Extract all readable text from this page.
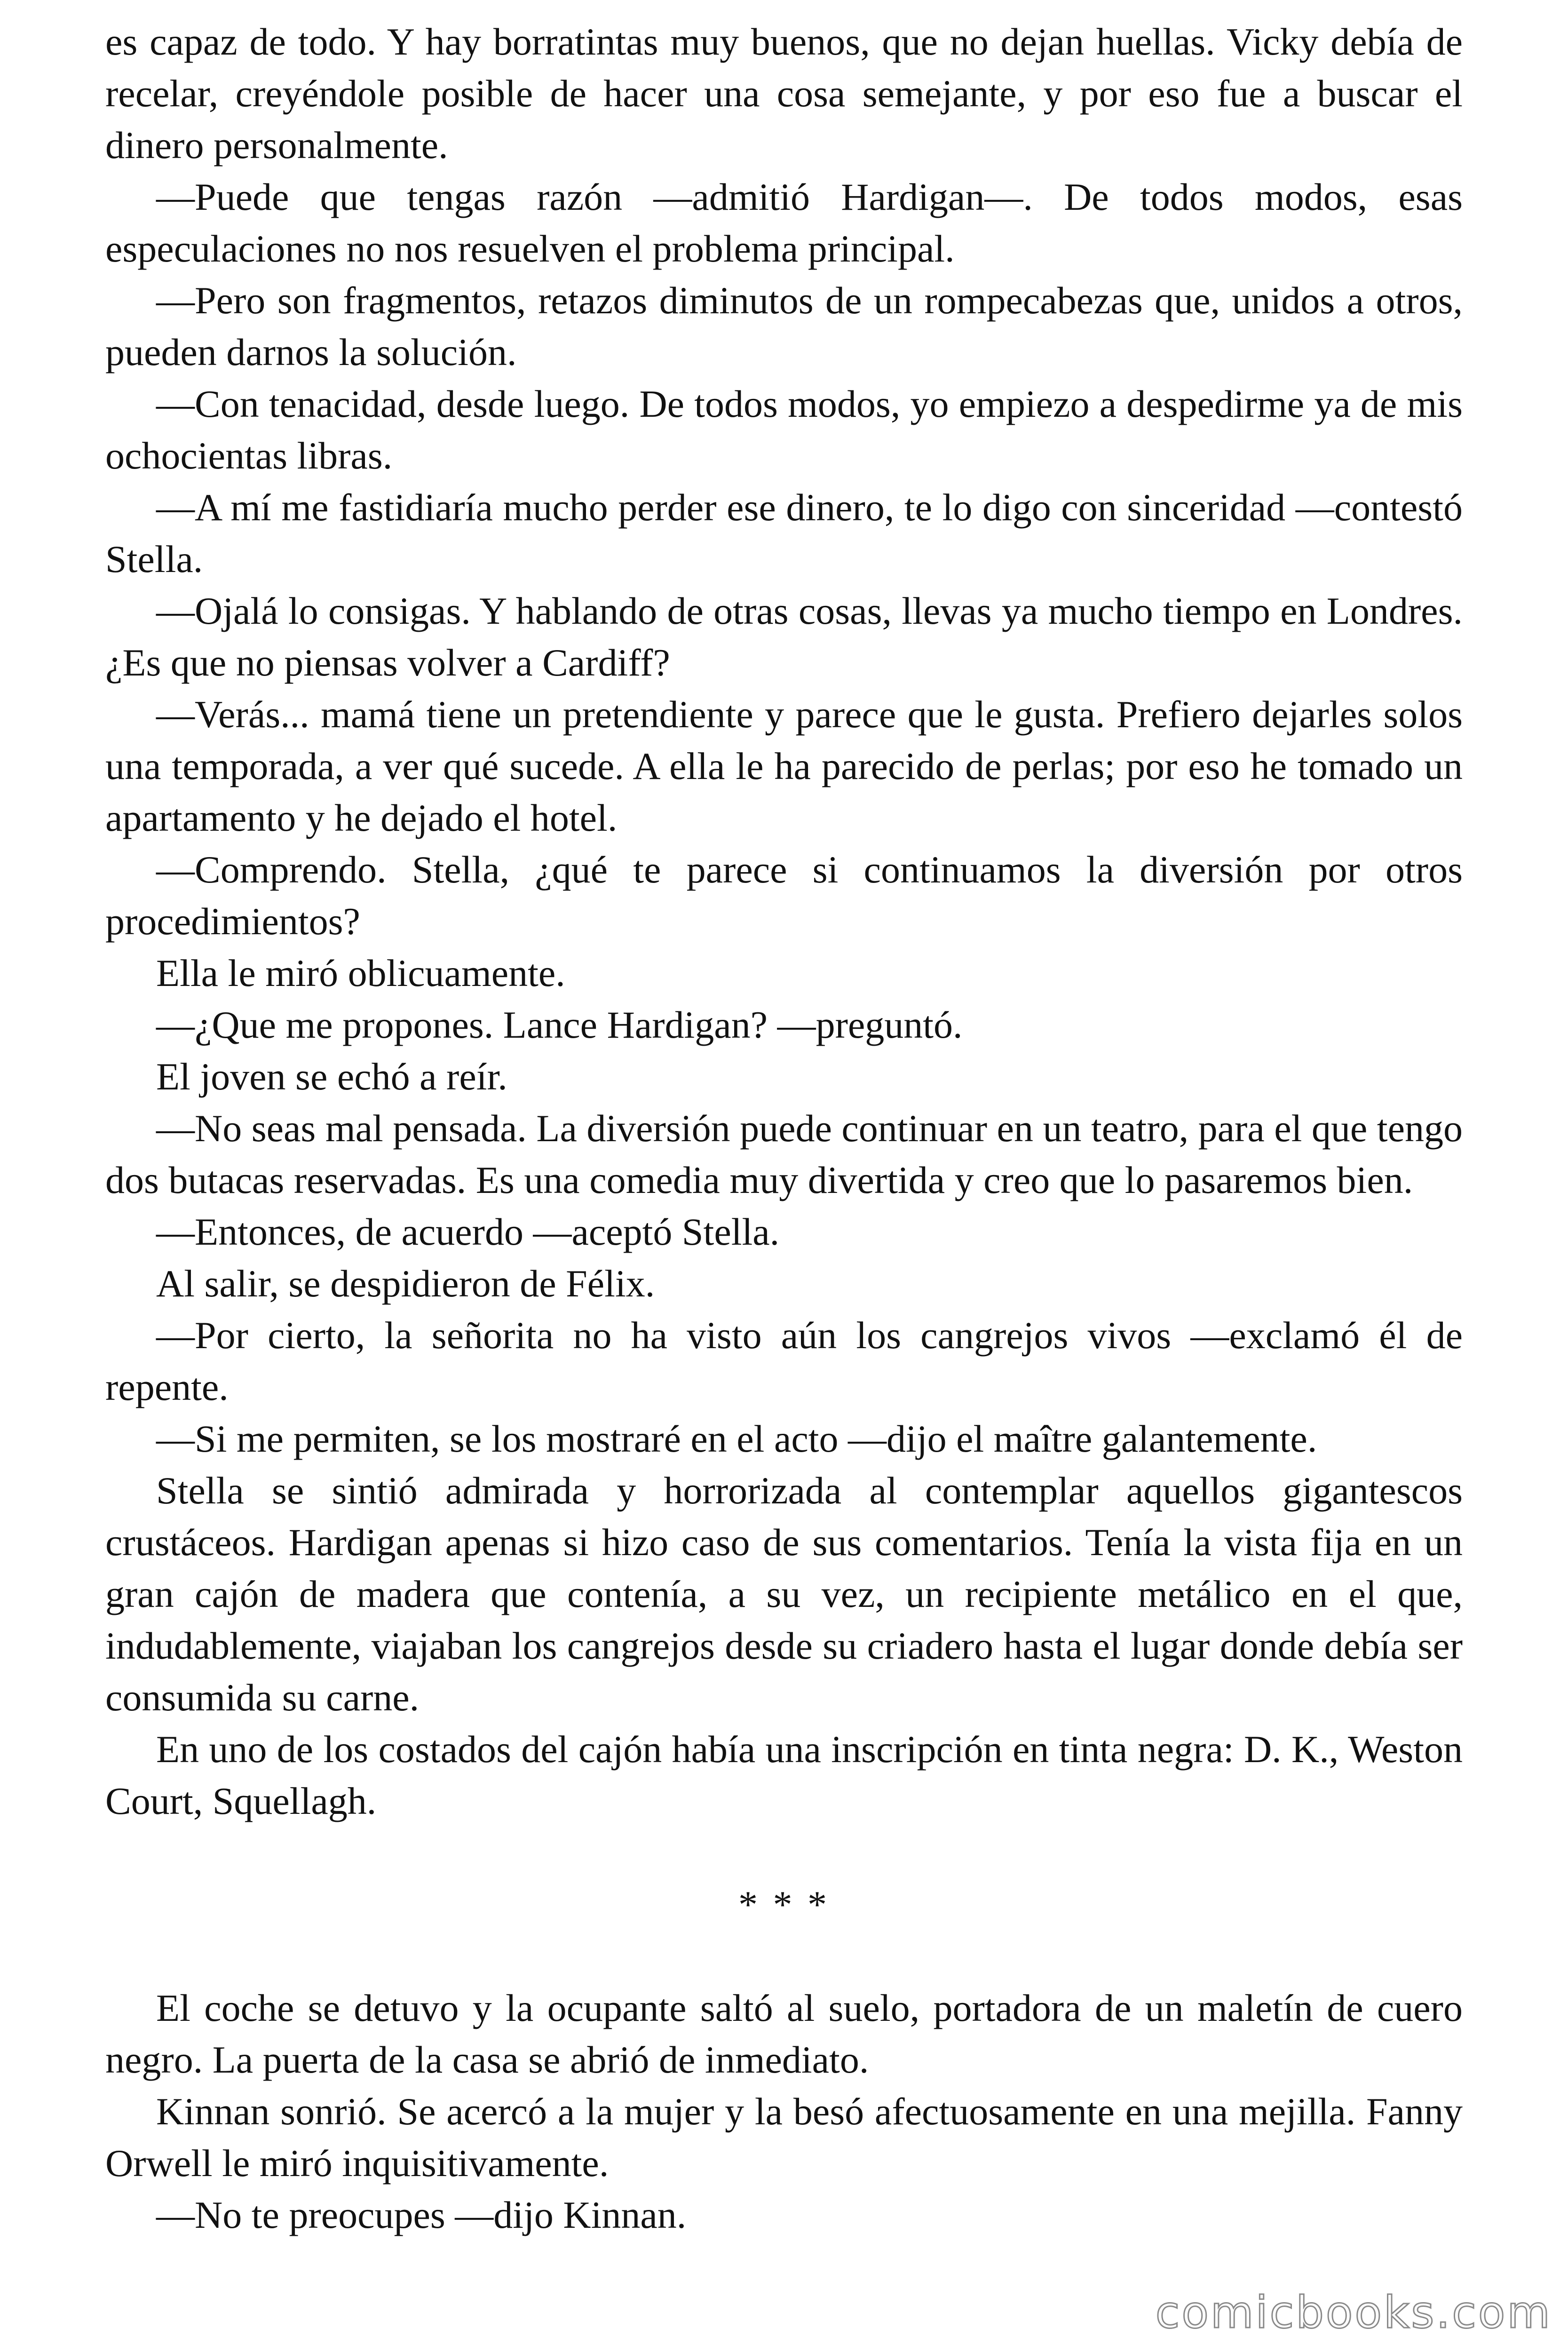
es capaz de todo. Y hay borratintas muy buenos, que no dejan huellas. Vicky debía de recelar, creyéndole posible de hacer una cosa semejante, y por eso fue a buscar el dinero personalmente.

—Puede que tengas razón —admitió Hardigan—. De todos modos, esas especulaciones no nos resuelven el problema principal.

—Pero son fragmentos, retazos diminutos de un rompecabezas que, unidos a otros, pueden darnos la solución.

—Con tenacidad, desde luego. De todos modos, yo empiezo a despedirme ya de mis ochocientas libras.

—A mí me fastidiaría mucho perder ese dinero, te lo digo con sinceridad —contestó Stella.

—Ojalá lo consigas. Y hablando de otras cosas, llevas ya mucho tiempo en Londres. ¿Es que no piensas volver a Cardiff?

—Verás... mamá tiene un pretendiente y parece que le gusta. Prefiero dejarles solos una temporada, a ver qué sucede. A ella le ha parecido de perlas; por eso he tomado un apartamento y he dejado el hotel.

—Comprendo. Stella, ¿qué te parece si continuamos la diversión por otros procedimientos?

Ella le miró oblicuamente.

—¿Que me propones. Lance Hardigan? —preguntó.

El joven se echó a reír.

—No seas mal pensada. La diversión puede continuar en un teatro, para el que tengo dos butacas reservadas. Es una comedia muy divertida y creo que lo pasaremos bien.

—Entonces, de acuerdo —aceptó Stella.

Al salir, se despidieron de Félix.

—Por cierto, la señorita no ha visto aún los cangrejos vivos —exclamó él de repente.

—Si me permiten, se los mostraré en el acto —dijo el maître galantemente.

Stella se sintió admirada y horrorizada al contemplar aquellos gigantescos crustáceos. Hardigan apenas si hizo caso de sus comentarios. Tenía la vista fija en un gran cajón de madera que contenía, a su vez, un recipiente metálico en el que, indudablemente, viajaban los cangrejos desde su criadero hasta el lugar donde debía ser consumida su carne.

En uno de los costados del cajón había una inscripción en tinta negra: D. K., Weston Court, Squellagh.

* * *

El coche se detuvo y la ocupante saltó al suelo, portadora de un maletín de cuero negro. La puerta de la casa se abrió de inmediato.

Kinnan sonrió. Se acercó a la mujer y la besó afectuosamente en una mejilla. Fanny Orwell le miró inquisitivamente.

—No te preocupes —dijo Kinnan.

comicbooks.com
